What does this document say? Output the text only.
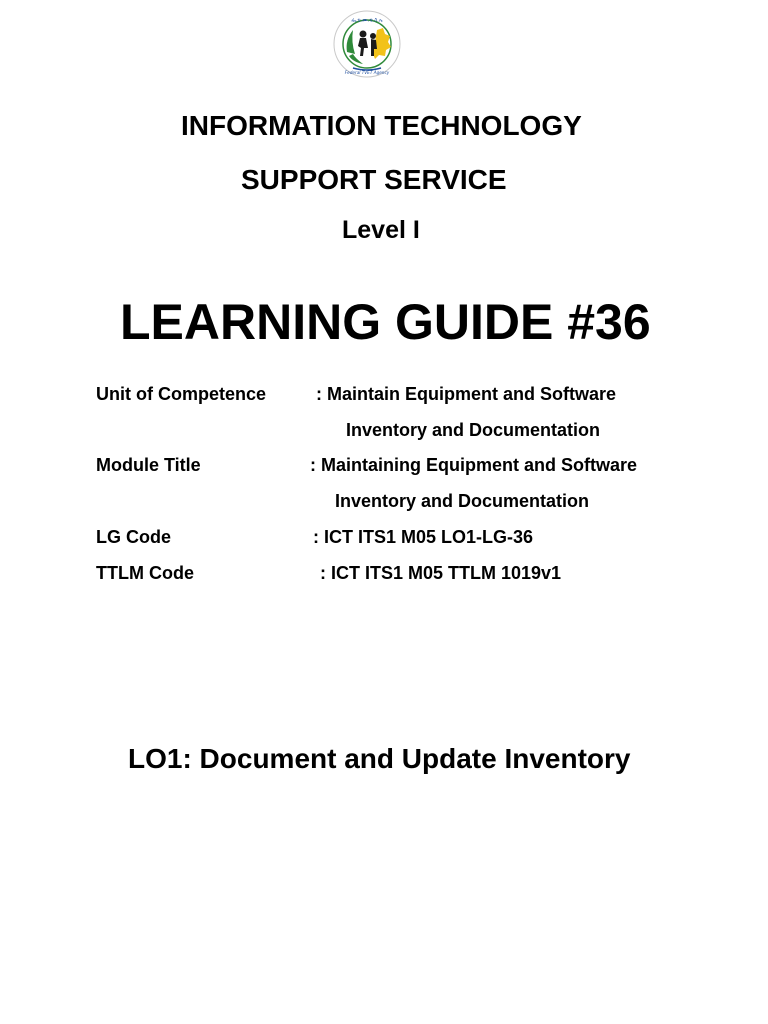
ፌ.ቴ.ሙ.ቴ.ስ.ኤ
Federal TVET Agency
INFORMATION TECHNOLOGY
SUPPORT SERVICE
Level I
LEARNING GUIDE #36
Unit of Competence	: Maintain Equipment and Software
Inventory and Documentation
Module Title	: Maintaining Equipment and Software
Inventory and Documentation
LG Code	: ICT ITS1 M05 LO1-LG-36
TTLM Code	: ICT ITS1 M05 TTLM 1019v1
LO1: Document and Update Inventory
